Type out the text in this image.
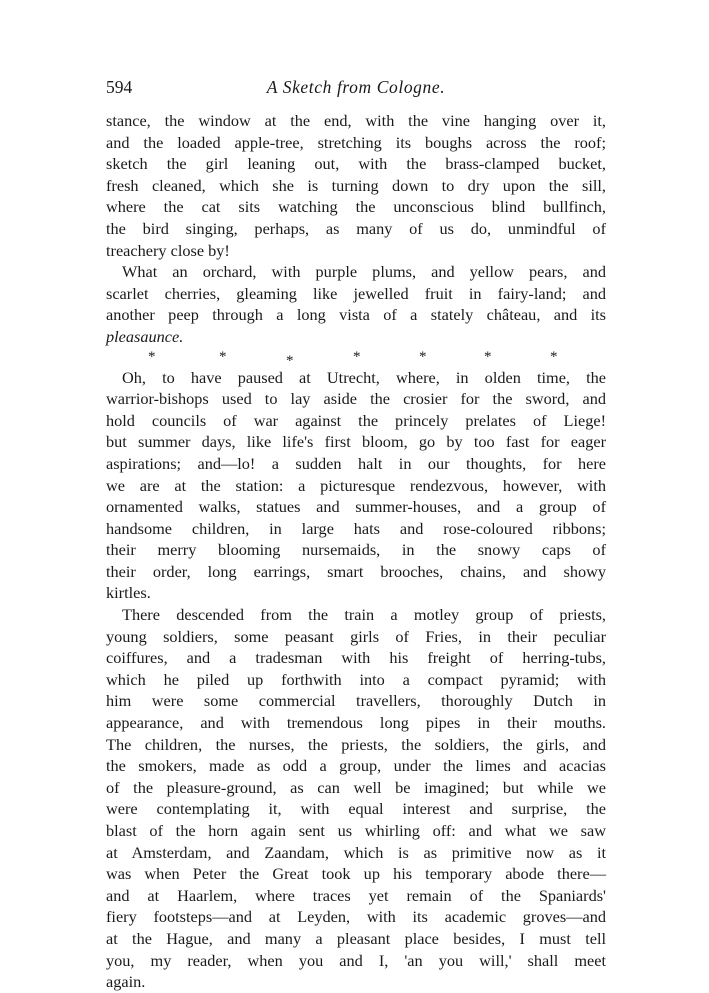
594	A Sketch from Cologne.
stance, the window at the end, with the vine hanging over it,
and the loaded apple-tree, stretching its boughs across the roof;
sketch the girl leaning out, with the brass-clamped bucket,
fresh cleaned, which she is turning down to dry upon the sill,
where the cat sits watching the unconscious blind bullfinch,
the bird singing, perhaps, as many of us do, unmindful of
treachery close by!
What an orchard, with purple plums, and yellow pears, and
scarlet cherries, gleaming like jewelled fruit in fairy-land; and
another peep through a long vista of a stately château, and its
pleasaunce.
*	*	*	*	*	*	*
Oh, to have paused at Utrecht, where, in olden time, the
warrior-bishops used to lay aside the crosier for the sword, and
hold councils of war against the princely prelates of Liege!
but summer days, like life's first bloom, go by too fast for eager
aspirations; and—lo! a sudden halt in our thoughts, for here
we are at the station: a picturesque rendezvous, however, with
ornamented walks, statues and summer-houses, and a group of
handsome children, in large hats and rose-coloured ribbons;
their merry blooming nursemaids, in the snowy caps of
their order, long earrings, smart brooches, chains, and showy
kirtles.
There descended from the train a motley group of priests,
young soldiers, some peasant girls of Fries, in their peculiar
coiffures, and a tradesman with his freight of herring-tubs,
which he piled up forthwith into a compact pyramid; with
him were some commercial travellers, thoroughly Dutch in
appearance, and with tremendous long pipes in their mouths.
The children, the nurses, the priests, the soldiers, the girls, and
the smokers, made as odd a group, under the limes and acacias
of the pleasure-ground, as can well be imagined; but while we
were contemplating it, with equal interest and surprise, the
blast of the horn again sent us whirling off: and what we saw
at Amsterdam, and Zaandam, which is as primitive now as it
was when Peter the Great took up his temporary abode there—
and at Haarlem, where traces yet remain of the Spaniards'
fiery footsteps—and at Leyden, with its academic groves—and
at the Hague, and many a pleasant place besides, I must tell
you, my reader, when you and I, 'an you will,' shall meet
again.
